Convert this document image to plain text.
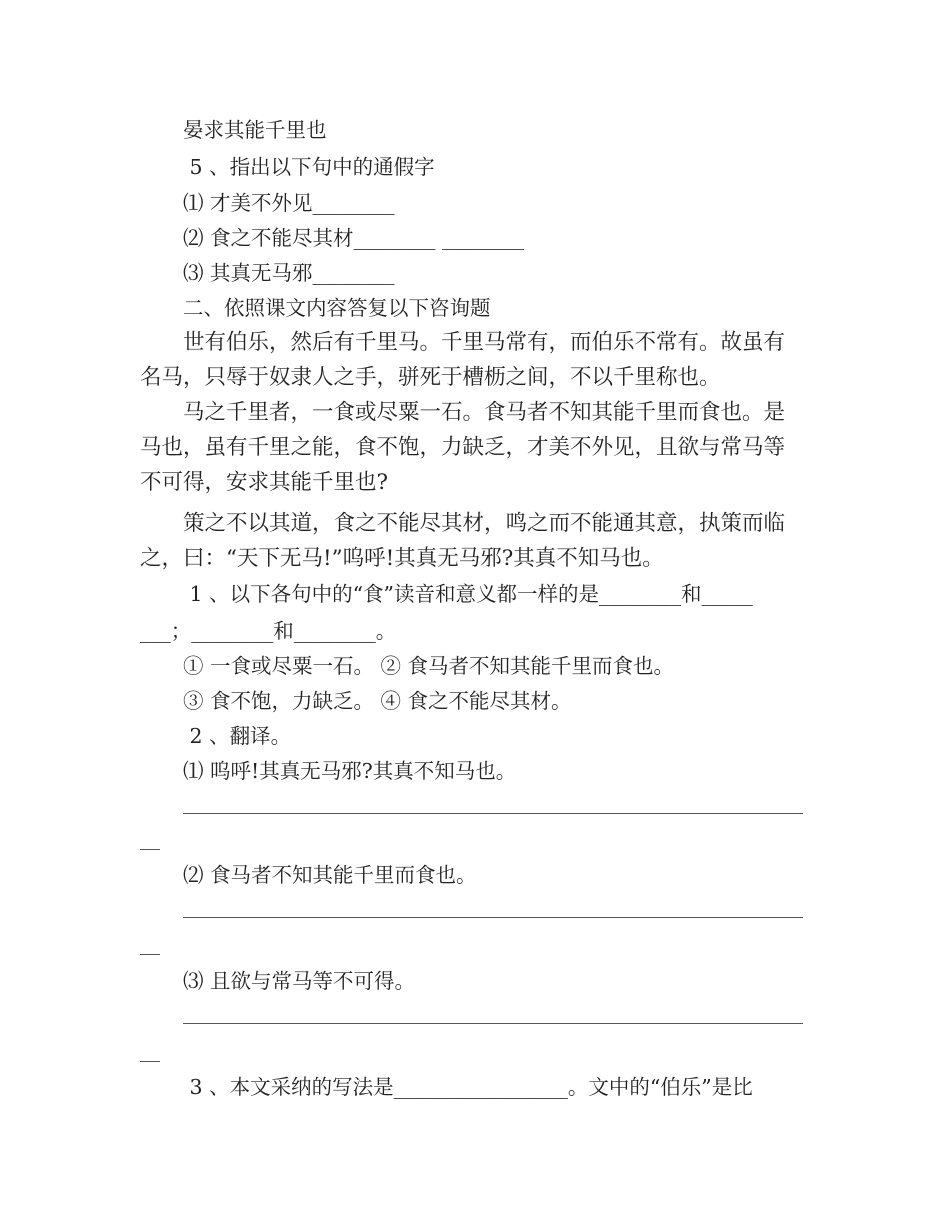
晏求其能千里也
5 、指出以下句中的通假字
⑴ 才美不外见________
⑵ 食之不能尽其材________ ________
⑶ 其真无马邪________
二、依照课文内容答复以下咨询题
世有伯乐，然后有千里马。千里马常有，而伯乐不常有。故虽有
名马，只辱于奴隶人之手，骈死于槽枥之间，不以千里称也。
马之千里者，一食或尽粟一石。食马者不知其能千里而食也。是
马也，虽有千里之能，食不饱，力缺乏，才美不外见，且欲与常马等
不可得，安求其能千里也?
策之不以其道，食之不能尽其材，鸣之而不能通其意，执策而临
之，曰：“天下无马!”呜呼!其真无马邪?其真不知马也。
1 、以下各句中的“食”读音和意义都一样的是________和_____
___；________和________。
① 一食或尽粟一石。 ② 食马者不知其能千里而食也。
③ 食不饱，力缺乏。 ④ 食之不能尽其材。
2 、翻译。
⑴ 呜呼!其真无马邪?其真不知马也。
⑵ 食马者不知其能千里而食也。
⑶ 且欲与常马等不可得。
3 、本文采纳的写法是_________________。文中的“伯乐”是比
